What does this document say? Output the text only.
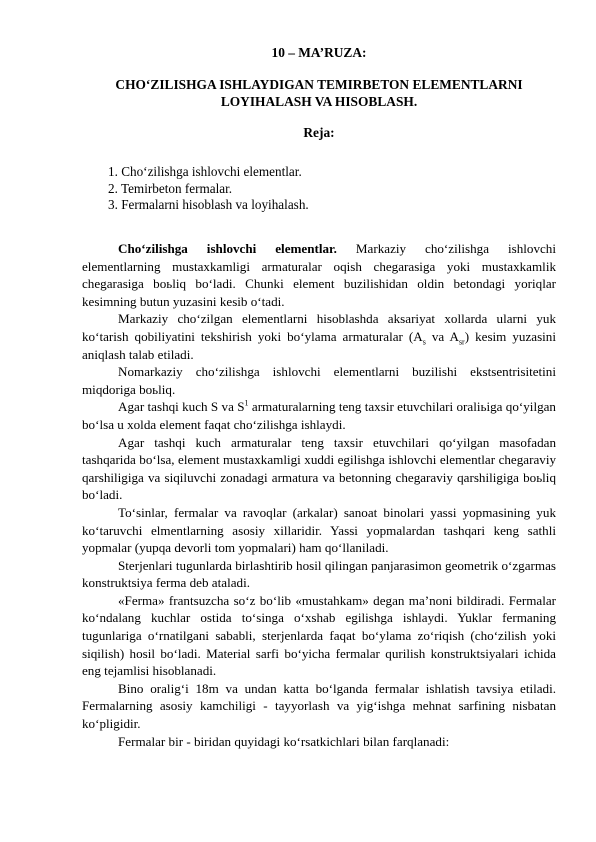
10 – MA’RUZA:
CHO‘ZILISHGA ISHLAYDIGAN TEMIRBETON ELEMENTLARNI
LOYIHALASH VA HISOBLASH.
Reja:
1. Cho‘zilishga ishlovchi elementlar.
2. Temirbeton fermalar.
3. Fermalarni hisoblash va loyihalash.

Cho‘zilishga ishlovchi elementlar. Markaziy cho‘zilishga ishlovchi elementlarning mustaxkamligi armaturalar oqish chegarasiga yoki mustaxkamlik chegarasiga boьliq bo‘ladi. Chunki element buzilishidan oldin betondagi yoriqlar kesimning butun yuzasini kesib o‘tadi.

Markaziy cho‘zilgan elementlarni hisoblashda aksariyat xollarda ularni yuk ko‘tarish qobiliyatini tekshirish yoki bo‘ylama armaturalar ($A_s$ va $A_{sr}$) kesim yuzasini aniqlash talab etiladi.

Nomarkaziy cho‘zilishga ishlovchi elementlarni buzilishi ekstsentrisitetini miqdoriga boьliq.

Agar tashqi kuch S va $S^1$ armaturalarning teng taxsir etuvchilari oraliьiga qo‘yilgan bo‘lsa u xolda element faqat cho‘zilishga ishlaydi.

Agar tashqi kuch armaturalar teng taxsir etuvchilari qo‘yilgan masofadan tashqarida bo‘lsa, element mustaxkamligi xuddi egilishga ishlovchi elementlar chegaraviy qarshiligiga va siqiluvchi zonadagi armatura va betonning chegaraviy qarshiligiga boьliq bo‘ladi.

To‘sinlar, fermalar va ravoqlar (arkalar) sanoat binolari yassi yopmasining yuk ko‘taruvchi elmentlarning asosiy xillaridir. Yassi yopmalardan tashqari keng sathli yopmalar (yupqa devorli tom yopmalari) ham qo‘llaniladi.

Sterjenlari tugunlarda birlashtirib hosil qilingan panjarasimon geometrik o‘zgarmas konstruktsiya ferma deb ataladi.

«Ferma» frantsuzcha so‘z bo‘lib «mustahkam» degan ma’noni bildiradi. Fermalar ko‘ndalang kuchlar ostida to‘singa o‘xshab egilishga ishlaydi. Yuklar fermaning tugunlariga o‘rnatilgani sababli, sterjenlarda faqat bo‘ylama zo‘riqish (cho‘zilish yoki siqilish) hosil bo‘ladi. Material sarfi bo‘yicha fermalar qurilish konstruktsiyalari ichida eng tejamlisi hisoblanadi.

Bino oralig‘i 18m va undan katta bo‘lganda fermalar ishlatish tavsiya etiladi. Fermalarning asosiy kamchiligi - tayyorlash va yig‘ishga mehnat sarfining nisbatan ko‘pligidir.

Fermalar bir - biridan quyidagi ko‘rsatkichlari bilan farqlanadi:
